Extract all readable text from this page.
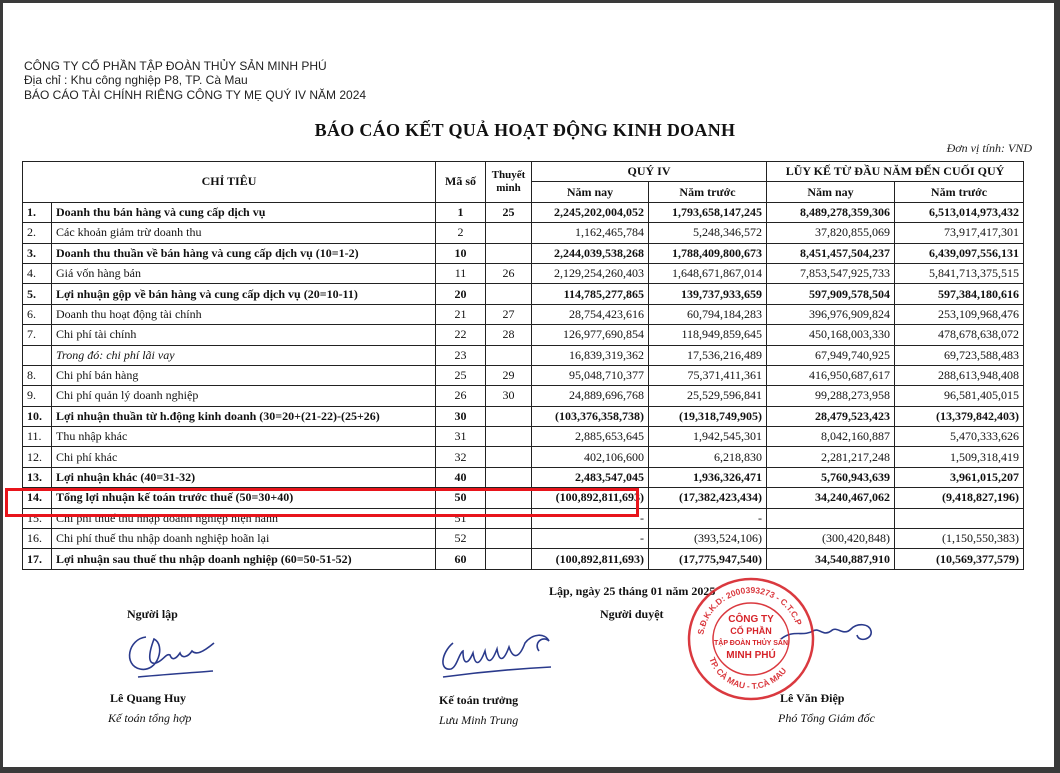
CÔNG TY CỔ PHẦN TẬP ĐOÀN THỦY SẢN MINH PHÚ
Địa chỉ : Khu công nghiệp P8, TP. Cà Mau
BÁO CÁO TÀI CHÍNH RIÊNG CÔNG TY MẸ QUÝ IV NĂM 2024
BÁO CÁO KẾT QUẢ HOẠT ĐỘNG KINH DOANH
Đơn vị tính: VND
CHỈ TIÊU		Mã số	Thuyết minh	QUÝ IV		LŨY KẾ TỪ ĐẦU NĂM ĐẾN CUỐI QUÝ	
				Năm nay	Năm trước	Năm nay	Năm trước
1.	Doanh thu bán hàng và cung cấp dịch vụ	1	25	2,245,202,004,052	1,793,658,147,245	8,489,278,359,306	6,513,014,973,432
2.	Các khoản giảm trừ doanh thu	2		1,162,465,784	5,248,346,572	37,820,855,069	73,917,417,301
3.	Doanh thu thuần về bán hàng và cung cấp dịch vụ (10=1-2)	10		2,244,039,538,268	1,788,409,800,673	8,451,457,504,237	6,439,097,556,131
4.	Giá vốn hàng bán	11	26	2,129,254,260,403	1,648,671,867,014	7,853,547,925,733	5,841,713,375,515
5.	Lợi nhuận gộp về bán hàng và cung cấp dịch vụ (20=10-11)	20		114,785,277,865	139,737,933,659	597,909,578,504	597,384,180,616
6.	Doanh thu hoạt động tài chính	21	27	28,754,423,616	60,794,184,283	396,976,909,824	253,109,968,476
7.	Chi phí tài chính	22	28	126,977,690,854	118,949,859,645	450,168,003,330	478,678,638,072
	Trong đó: chi phí lãi vay	23		16,839,319,362	17,536,216,489	67,949,740,925	69,723,588,483
8.	Chi phí bán hàng	25	29	95,048,710,377	75,371,411,361	416,950,687,617	288,613,948,408
9.	Chi phí quản lý doanh nghiệp	26	30	24,889,696,768	25,529,596,841	99,288,273,958	96,581,405,015
10.	Lợi nhuận thuần từ h.động kinh doanh (30=20+(21-22)-(25+26)	30		(103,376,358,738)	(19,318,749,905)	28,479,523,423	(13,379,842,403)
11.	Thu nhập khác	31		2,885,653,645	1,942,545,301	8,042,160,887	5,470,333,626
12.	Chi phí khác	32		402,106,600	6,218,830	2,281,217,248	1,509,318,419
13.	Lợi nhuận khác (40=31-32)	40		2,483,547,045	1,936,326,471	5,760,943,639	3,961,015,207
14.	Tổng lợi nhuận kế toán trước thuế (50=30+40)	50		(100,892,811,693)	(17,382,423,434)	34,240,467,062	(9,418,827,196)
15.	Chi phí thuế thu nhập doanh nghiệp hiện hành	51		-	-		
16.	Chi phí thuế thu nhập doanh nghiệp hoãn lại	52		-	(393,524,106)	(300,420,848)	(1,150,550,383)
17.	Lợi nhuận sau thuế thu nhập doanh nghiệp (60=50-51-52)	60		(100,892,811,693)	(17,775,947,540)	34,540,887,910	(10,569,377,579)
Lập, ngày 25 tháng 01 năm 2025
Người lập	Người duyệt
Lê Quang Huy
Kế toán tổng hợp
Kế toán trưởng
Lưu Minh Trung
Lê Văn Điệp
Phó Tổng Giám đốc
S.Đ.K.K.D: 2000393273 - C.T.C.P
TP. CÀ MAU - T.CÀ MAU
CÔNG TY
CỔ PHẦN
TẬP ĐOÀN THỦY SẢN
MINH PHÚ
